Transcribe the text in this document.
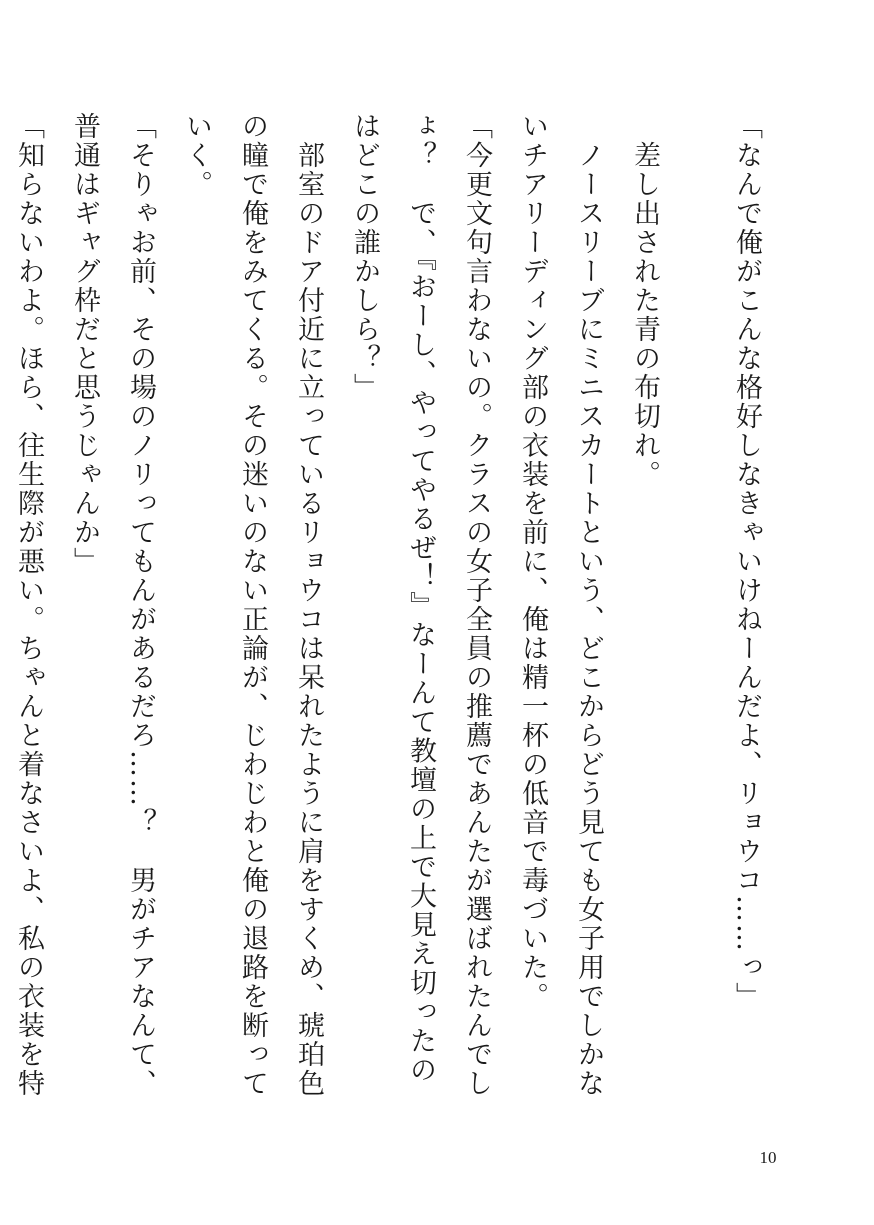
「なんで俺がこんな格好しなきゃいけねーんだよ、リョウコ……っ」
　差し出された青の布切れ。
　ノースリーブにミニスカートという、どこからどう見ても女子用でしかな
いチアリーディング部の衣装を前に、俺は精一杯の低音で毒づいた。
「今更文句言わないの。クラスの女子全員の推薦であんたが選ばれたんでし
ょ？　で、『おーし、やってやるぜ！』なーんて教壇の上で大見え切ったの
はどこの誰かしら？」
　部室のドア付近に立っているリョウコは呆れたように肩をすくめ、琥珀色
の瞳で俺をみてくる。その迷いのない正論が、じわじわと俺の退路を断って
いく。
「そりゃお前、その場のノリってもんがあるだろ……？　男がチアなんて、
普通はギャグ枠だと思うじゃんか」
「知らないわよ。ほら、往生際が悪い。ちゃんと着なさいよ、私の衣装を特
10
